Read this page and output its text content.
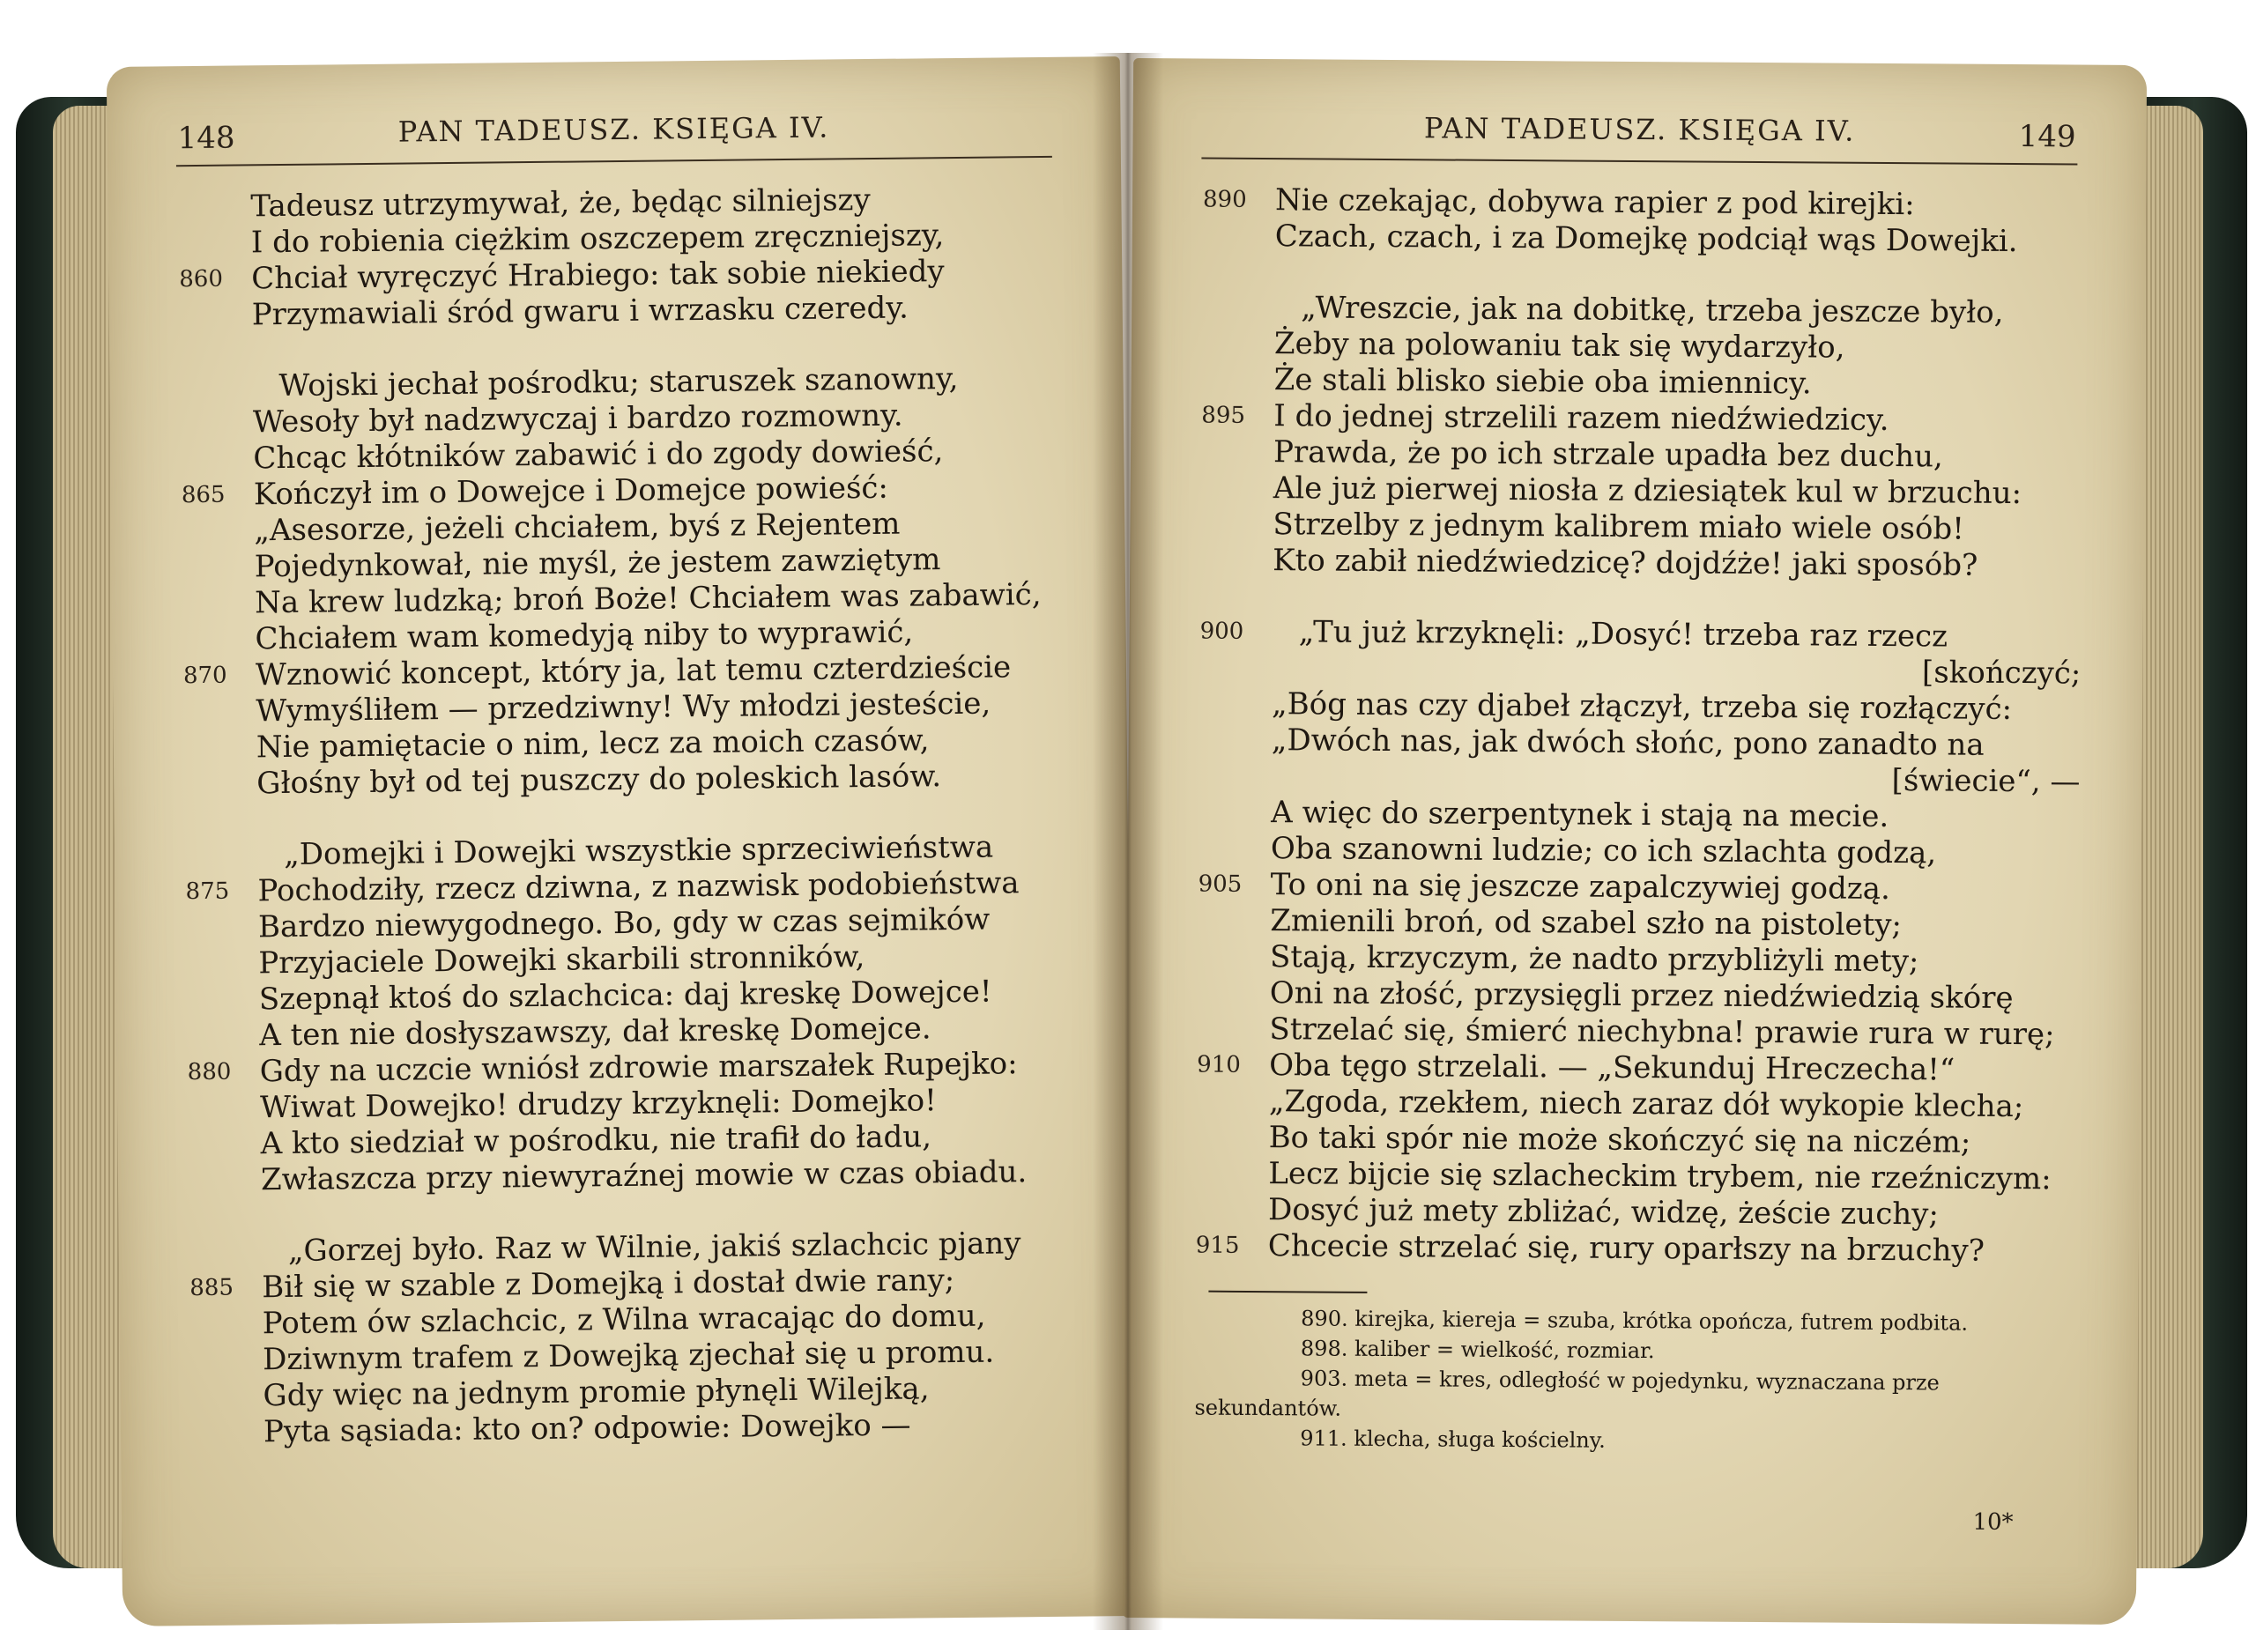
148	PAN TADEUSZ. KSIĘGA IV.
Tadeusz utrzymywał, że, będąc silniejszy
I do robienia ciężkim oszczepem zręczniejszy,
860 Chciał wyręczyć Hrabiego: tak sobie niekiedy
Przymawiali śród gwaru i wrzasku czeredy.
Wojski jechał pośrodku; staruszek szanowny,
Wesoły był nadzwyczaj i bardzo rozmowny.
Chcąc kłótników zabawić i do zgody dowieść,
865 Kończył im o Dowejce i Domejce powieść:
„Asesorze, jeżeli chciałem, byś z Rejentem
Pojedynkował, nie myśl, że jestem zawziętym
Na krew ludzką; broń Boże! Chciałem was zabawić,
Chciałem wam komedyją niby to wyprawić,
870 Wznowić koncept, który ja, lat temu czterdzieście
Wymyśliłem — przedziwny! Wy młodzi jesteście,
Nie pamiętacie o nim, lecz za moich czasów,
Głośny był od tej puszczy do poleskich lasów.
„Domejki i Dowejki wszystkie sprzeciwieństwa
875 Pochodziły, rzecz dziwna, z nazwisk podobieństwa
Bardzo niewygodnego. Bo, gdy w czas sejmików
Przyjaciele Dowejki skarbili stronników,
Szepnął ktoś do szlachcica: daj kreskę Dowejce!
A ten nie dosłyszawszy, dał kreskę Domejce.
880 Gdy na uczcie wniósł zdrowie marszałek Rupejko:
Wiwat Dowejko! drudzy krzyknęli: Domejko!
A kto siedział w pośrodku, nie trafił do ładu,
Zwłaszcza przy niewyraźnej mowie w czas obiadu.
„Gorzej było. Raz w Wilnie, jakiś szlachcic pjany
885 Bił się w szable z Domejką i dostał dwie rany;
Potem ów szlachcic, z Wilna wracając do domu,
Dziwnym trafem z Dowejką zjechał się u promu.
Gdy więc na jednym promie płynęli Wilejką,
Pyta sąsiada: kto on? odpowie: Dowejko —
PAN TADEUSZ. KSIĘGA IV.	149
890 Nie czekając, dobywa rapier z pod kirejki:
Czach, czach, i za Domejkę podciął wąs Dowejki.
„Wreszcie, jak na dobitkę, trzeba jeszcze było,
Żeby na polowaniu tak się wydarzyło,
Że stali blisko siebie oba imiennicy.
895 I do jednej strzelili razem niedźwiedzicy.
Prawda, że po ich strzale upadła bez duchu,
Ale już pierwej niosła z dziesiątek kul w brzuchu:
Strzelby z jednym kalibrem miało wiele osób!
Kto zabił niedźwiedzicę? dojdźże! jaki sposób?
900	„Tu już krzyknęli: „Dosyć! trzeba raz rzecz
[skończyć;
„Bóg nas czy djabeł złączył, trzeba się rozłączyć:
„Dwóch nas, jak dwóch słońc, pono zanadto na
[świecie“, —
A więc do szerpentynek i stają na mecie.
Oba szanowni ludzie; co ich szlachta godzą,
905 To oni na się jeszcze zapalczywiej godzą.
Zmienili broń, od szabel szło na pistolety;
Stają, krzyczym, że nadto przybliżyli mety;
Oni na złość, przysięgli przez niedźwiedzią skórę
Strzelać się, śmierć niechybna! prawie rura w rurę;
910 Oba tęgo strzelali. — „Sekunduj Hreczecha!“
„Zgoda, rzekłem, niech zaraz dół wykopie klecha;
Bo taki spór nie może skończyć się na niczém;
Lecz bijcie się szlacheckim trybem, nie rzeźniczym:
Dosyć już mety zbliżać, widzę, żeście zuchy;
915 Chcecie strzelać się, rury oparłszy na brzuchy?
890. kirejka, kiereja = szuba, krótka opończa, futrem podbita.
898. kaliber = wielkość, rozmiar.
903. meta = kres, odległość w pojedynku, wyznaczana prze
sekundantów.
911. klecha, sługa kościelny.
10*
